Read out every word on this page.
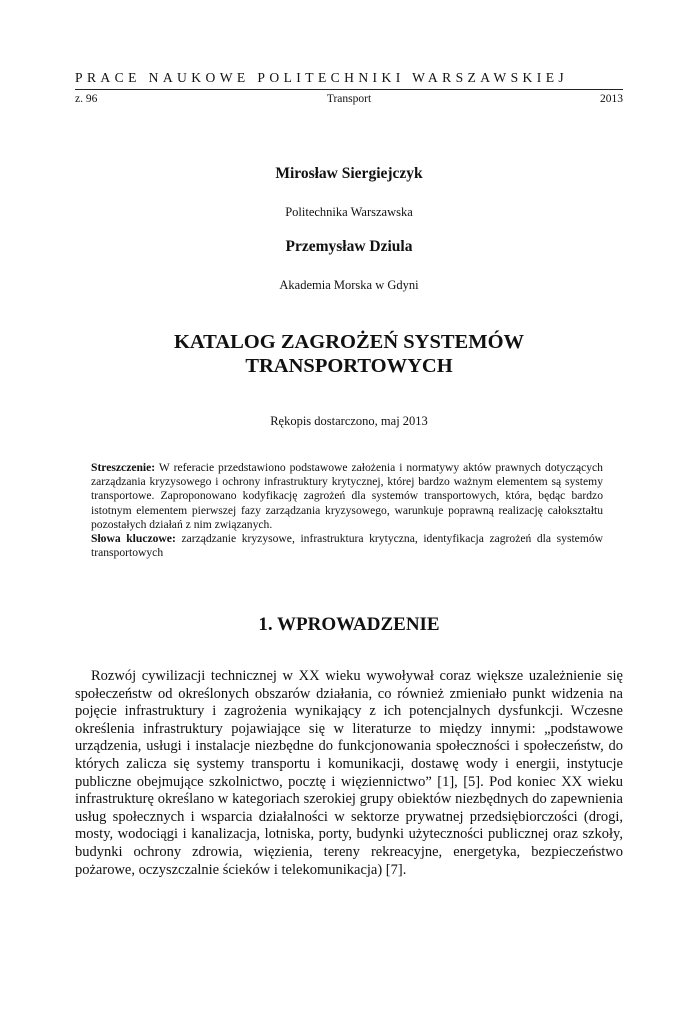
PRACE NAUKOWE POLITECHNIKI WARSZAWSKIEJ
z. 96	Transport	2013
Mirosław Siergiejczyk
Politechnika Warszawska
Przemysław Dziula
Akademia Morska w Gdyni
KATALOG ZAGROŻEŃ SYSTEMÓW
TRANSPORTOWYCH
Rękopis dostarczono, maj 2013

Streszczenie: W referacie przedstawiono podstawowe założenia i normatywy aktów prawnych dotyczących zarządzania kryzysowego i ochrony infrastruktury krytycznej, której bardzo ważnym elementem są systemy transportowe. Zaproponowano kodyfikację zagrożeń dla systemów transportowych, która, będąc bardzo istotnym elementem pierwszej fazy zarządzania kryzysowego, warunkuje poprawną realizację całokształtu pozostałych działań z nim związanych.

Słowa kluczowe: zarządzanie kryzysowe, infrastruktura krytyczna, identyfikacja zagrożeń dla systemów transportowych

1. WPROWADZENIE

Rozwój cywilizacji technicznej w XX wieku wywoływał coraz większe uzależnienie się społeczeństw od określonych obszarów działania, co również zmieniało punkt widzenia na pojęcie infrastruktury i zagrożenia wynikający z ich potencjalnych dysfunkcji. Wczesne określenia infrastruktury pojawiające się w literaturze to między innymi: „podstawowe urządzenia, usługi i instalacje niezbędne do funkcjonowania społeczności i społeczeństw, do których zalicza się systemy transportu i komunikacji, dostawę wody i energii, instytucje publiczne obejmujące szkolnictwo, pocztę i więziennictwo” [1], [5]. Pod koniec XX wieku infrastrukturę określano w kategoriach szerokiej grupy obiektów niezbędnych do zapewnienia usług społecznych i wsparcia działalności w sektorze prywatnej przedsiębiorczości (drogi, mosty, wodociągi i kanalizacja, lotniska, porty, budynki użyteczności publicznej oraz szkoły, budynki ochrony zdrowia, więzienia, tereny rekreacyjne, energetyka, bezpieczeństwo pożarowe, oczyszczalnie ścieków i telekomunikacja) [7].
